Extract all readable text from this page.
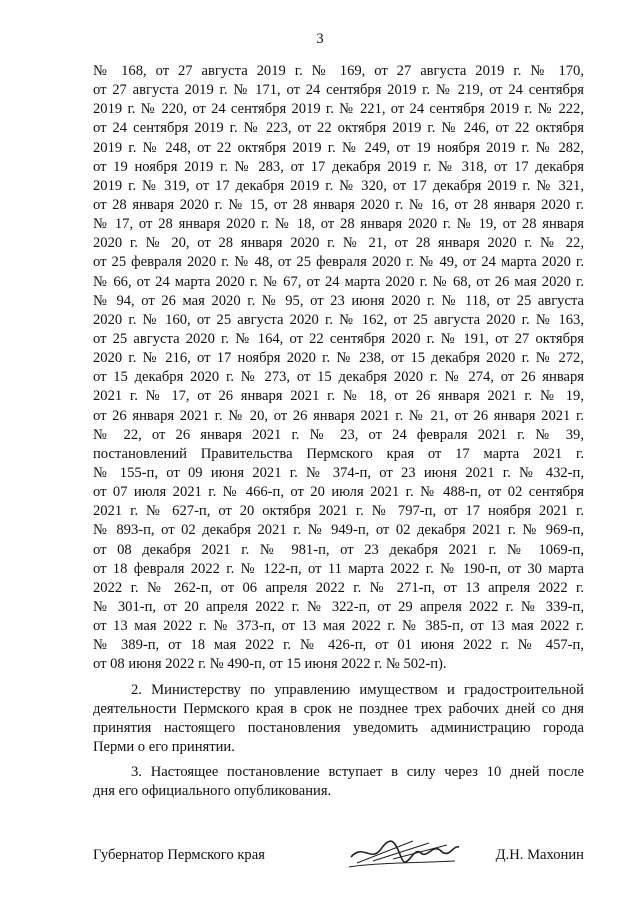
3
№ 168, от 27 августа 2019 г. № 169, от 27 августа 2019 г. № 170,
от 27 августа 2019 г. № 171, от 24 сентября 2019 г. № 219, от 24 сентября
2019 г. № 220, от 24 сентября 2019 г. № 221, от 24 сентября 2019 г. № 222,
от 24 сентября 2019 г. № 223, от 22 октября 2019 г. № 246, от 22 октября
2019 г. № 248, от 22 октября 2019 г. № 249, от 19 ноября 2019 г. № 282,
от 19 ноября 2019 г. № 283, от 17 декабря 2019 г. № 318, от 17 декабря
2019 г. № 319, от 17 декабря 2019 г. № 320, от 17 декабря 2019 г. № 321,
от 28 января 2020 г. № 15, от 28 января 2020 г. № 16, от 28 января 2020 г.
№ 17, от 28 января 2020 г. № 18, от 28 января 2020 г. № 19, от 28 января
2020 г. № 20, от 28 января 2020 г. № 21, от 28 января 2020 г. № 22,
от 25 февраля 2020 г. № 48, от 25 февраля 2020 г. № 49, от 24 марта 2020 г.
№ 66, от 24 марта 2020 г. № 67, от 24 марта 2020 г. № 68, от 26 мая 2020 г.
№ 94, от 26 мая 2020 г. № 95, от 23 июня 2020 г. № 118, от 25 августа
2020 г. № 160, от 25 августа 2020 г. № 162, от 25 августа 2020 г. № 163,
от 25 августа 2020 г. № 164, от 22 сентября 2020 г. № 191, от 27 октября
2020 г. № 216, от 17 ноября 2020 г. № 238, от 15 декабря 2020 г. № 272,
от 15 декабря 2020 г. № 273, от 15 декабря 2020 г. № 274, от 26 января
2021 г. № 17, от 26 января 2021 г. № 18, от 26 января 2021 г. № 19,
от 26 января 2021 г. № 20, от 26 января 2021 г. № 21, от 26 января 2021 г.
№ 22, от 26 января 2021 г. № 23, от 24 февраля 2021 г. № 39,
постановлений Правительства Пермского края от 17 марта 2021 г.
№ 155-п, от 09 июня 2021 г. № 374-п, от 23 июня 2021 г. № 432-п,
от 07 июля 2021 г. № 466-п, от 20 июля 2021 г. № 488-п, от 02 сентября
2021 г. № 627-п, от 20 октября 2021 г. № 797-п, от 17 ноября 2021 г.
№ 893-п, от 02 декабря 2021 г. № 949-п, от 02 декабря 2021 г. № 969-п,
от 08 декабря 2021 г. № 981-п, от 23 декабря 2021 г. № 1069-п,
от 18 февраля 2022 г. № 122-п, от 11 марта 2022 г. № 190-п, от 30 марта
2022 г. № 262-п, от 06 апреля 2022 г. № 271-п, от 13 апреля 2022 г.
№ 301-п, от 20 апреля 2022 г. № 322-п, от 29 апреля 2022 г. № 339-п,
от 13 мая 2022 г. № 373-п, от 13 мая 2022 г. № 385-п, от 13 мая 2022 г.
№ 389-п, от 18 мая 2022 г. № 426-п, от 01 июня 2022 г. № 457-п,
от 08 июня 2022 г. № 490-п, от 15 июня 2022 г. № 502-п).
2. Министерству по управлению имуществом и градостроительной
деятельности Пермского края в срок не позднее трех рабочих дней со дня
принятия настоящего постановления уведомить администрацию города
Перми о его принятии.
3. Настоящее постановление вступает в силу через 10 дней после
дня его официального опубликования.
Губернатор Пермского края	Д.Н. Махонин
